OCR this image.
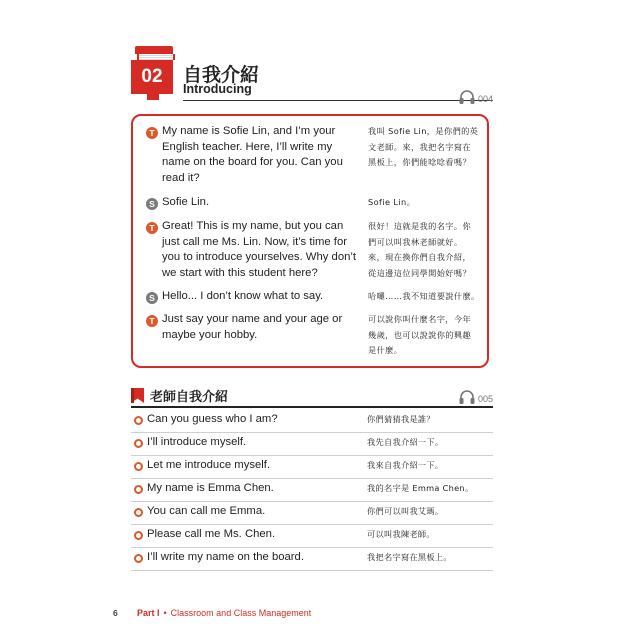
02 自我介紹
Introducing
004
T My name is Sofie Lin, and I’m your
English teacher. Here, I’ll write my
name on the board for you. Can you
read it?
我叫 Sofie Lin，是你們的英
文老師。來，我把名字寫在
黑板上，你們能唸唸看嗎？
S Sofie Lin.	Sofie Lin。
T Great! This is my name, but you can
just call me Ms. Lin. Now, it’s time for
you to introduce yourselves. Why don’t
we start with this student here?
很好！這就是我的名字。你
們可以叫我林老師就好。
來，現在換你們自我介紹，
從這邊這位同學開始好嗎？
S Hello... I don’t know what to say.	哈囉……我不知道要說什麼。
T Just say your name and your age or
maybe your hobby.
可以說你叫什麼名字，今年
幾歲，也可以說說你的興趣
是什麼。
老師自我介紹	005
Can you guess who I am?	你們猜猜我是誰？
I’ll introduce myself.	我先自我介紹一下。
Let me introduce myself.	我來自我介紹一下。
My name is Emma Chen.	我的名字是 Emma Chen。
You can call me Emma.	你們可以叫我艾瑪。
Please call me Ms. Chen.	可以叫我陳老師。
I’ll write my name on the board.	我把名字寫在黑板上。
6	Part I • Classroom and Class Management
